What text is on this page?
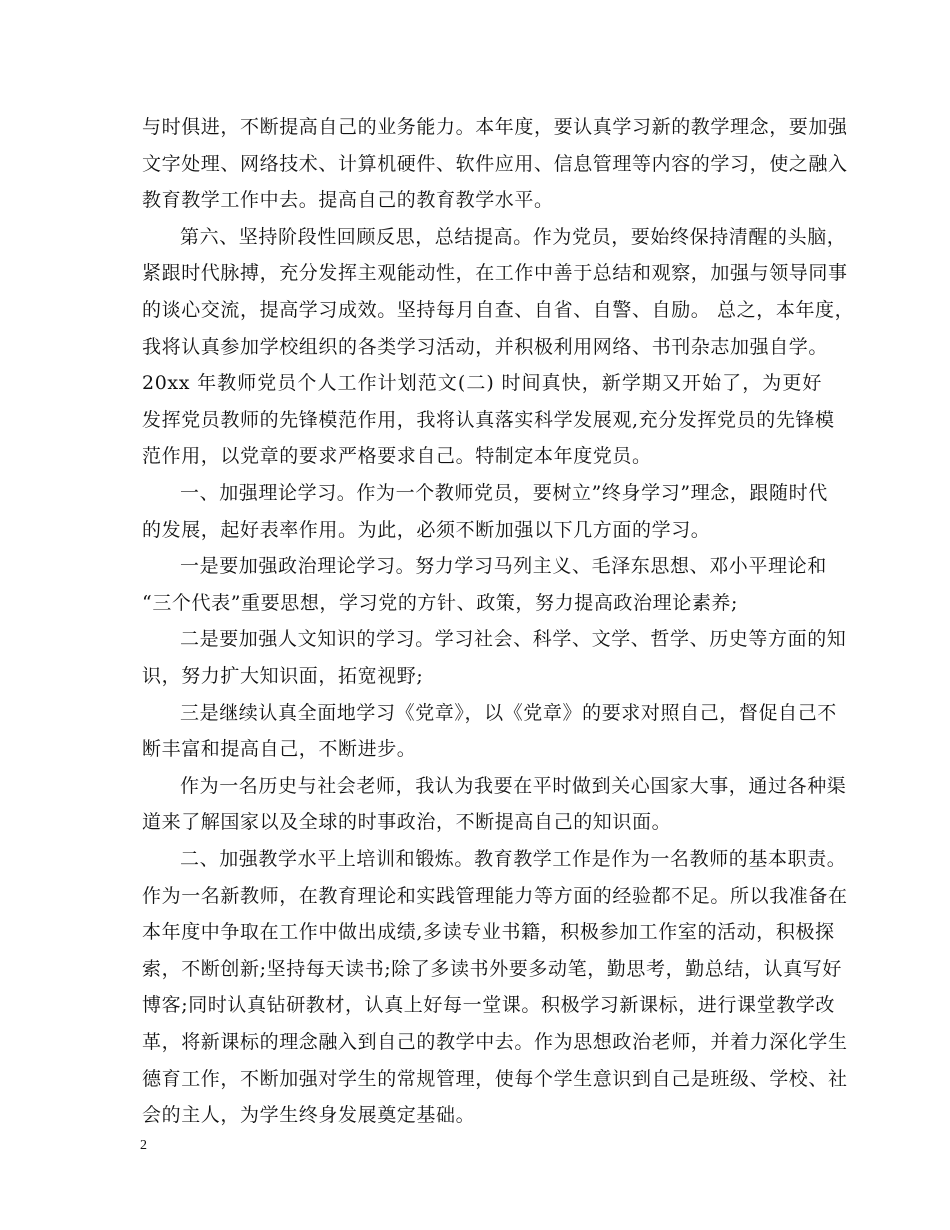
与时俱进，不断提高自己的业务能力。本年度，要认真学习新的教学理念，要加强
文字处理、网络技术、计算机硬件、软件应用、信息管理等内容的学习，使之融入
教育教学工作中去。提高自己的教育教学水平。
第六、坚持阶段性回顾反思，总结提高。作为党员，要始终保持清醒的头脑，
紧跟时代脉搏，充分发挥主观能动性，在工作中善于总结和观察，加强与领导同事
的谈心交流，提高学习成效。坚持每月自查、自省、自警、自励。 总之，本年度，
我将认真参加学校组织的各类学习活动，并积极利用网络、书刊杂志加强自学。
20xx 年教师党员个人工作计划范文(二) 时间真快，新学期又开始了，为更好
发挥党员教师的先锋模范作用，我将认真落实科学发展观,充分发挥党员的先锋模
范作用，以党章的要求严格要求自己。特制定本年度党员。
一、加强理论学习。作为一个教师党员，要树立”终身学习”理念，跟随时代
的发展，起好表率作用。为此，必须不断加强以下几方面的学习。
一是要加强政治理论学习。努力学习马列主义、毛泽东思想、邓小平理论和
“三个代表”重要思想，学习党的方针、政策，努力提高政治理论素养;
二是要加强人文知识的学习。学习社会、科学、文学、哲学、历史等方面的知
识，努力扩大知识面，拓宽视野;
三是继续认真全面地学习《党章》，以《党章》的要求对照自己，督促自己不
断丰富和提高自己，不断进步。
作为一名历史与社会老师，我认为我要在平时做到关心国家大事，通过各种渠
道来了解国家以及全球的时事政治，不断提高自己的知识面。
二、加强教学水平上培训和锻炼。教育教学工作是作为一名教师的基本职责。
作为一名新教师，在教育理论和实践管理能力等方面的经验都不足。所以我准备在
本年度中争取在工作中做出成绩,多读专业书籍，积极参加工作室的活动，积极探
索，不断创新;坚持每天读书;除了多读书外要多动笔，勤思考，勤总结，认真写好
博客;同时认真钻研教材，认真上好每一堂课。积极学习新课标，进行课堂教学改
革，将新课标的理念融入到自己的教学中去。作为思想政治老师，并着力深化学生
德育工作，不断加强对学生的常规管理，使每个学生意识到自己是班级、学校、社
会的主人，为学生终身发展奠定基础。
2
